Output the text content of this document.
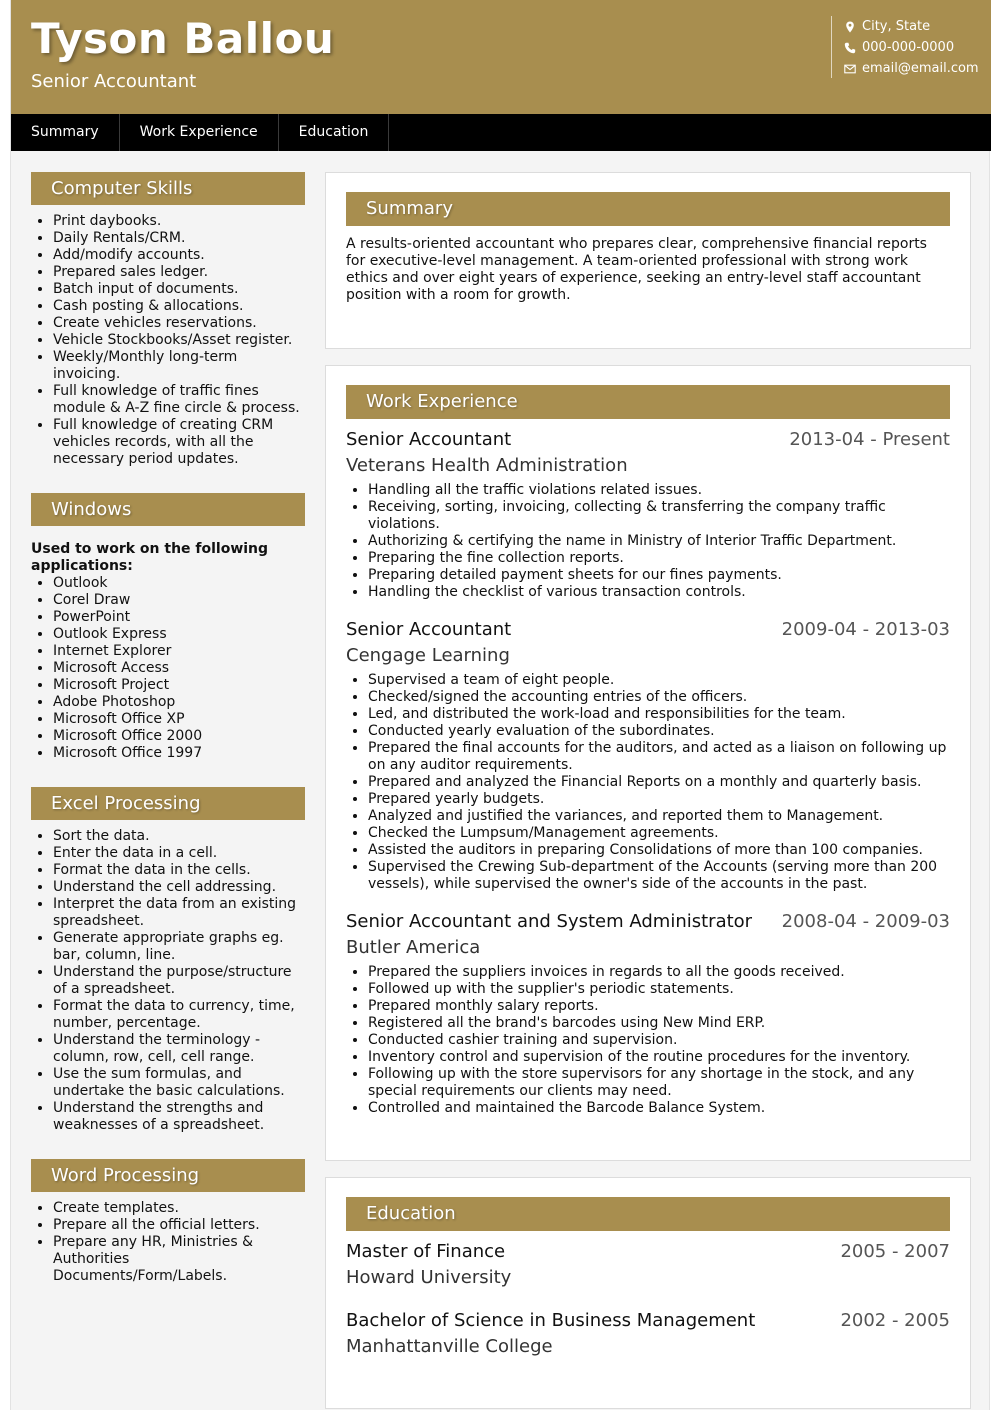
Tyson Ballou
Senior Accountant
City, State
000-000-0000
email@email.com
Summary	Work Experience	Education
Computer Skills
• Print daybooks.
• Daily Rentals/CRM.
• Add/modify accounts.
• Prepared sales ledger.
• Batch input of documents.
• Cash posting & allocations.
• Create vehicles reservations.
• Vehicle Stockbooks/Asset register.
• Weekly/Monthly long-term invoicing.
• Full knowledge of traffic fines module & A-Z fine circle & process.
• Full knowledge of creating CRM vehicles records, with all the necessary period updates.
Windows
Used to work on the following applications:
• Outlook
• Corel Draw
• PowerPoint
• Outlook Express
• Internet Explorer
• Microsoft Access
• Microsoft Project
• Adobe Photoshop
• Microsoft Office XP
• Microsoft Office 2000
• Microsoft Office 1997
Excel Processing
• Sort the data.
• Enter the data in a cell.
• Format the data in the cells.
• Understand the cell addressing.
• Interpret the data from an existing spreadsheet.
• Generate appropriate graphs eg. bar, column, line.
• Understand the purpose/structure of a spreadsheet.
• Format the data to currency, time, number, percentage.
• Understand the terminology - column, row, cell, cell range.
• Use the sum formulas, and undertake the basic calculations.
• Understand the strengths and weaknesses of a spreadsheet.
Word Processing
• Create templates.
• Prepare all the official letters.
• Prepare any HR, Ministries & Authorities Documents/Form/Labels.
Summary
A results-oriented accountant who prepares clear, comprehensive financial reports for executive-level management. A team-oriented professional with strong work ethics and over eight years of experience, seeking an entry-level staff accountant position with a room for growth.
Work Experience
Senior Accountant	2013-04 - Present
Veterans Health Administration
• Handling all the traffic violations related issues.
• Receiving, sorting, invoicing, collecting & transferring the company traffic violations.
• Authorizing & certifying the name in Ministry of Interior Traffic Department.
• Preparing the fine collection reports.
• Preparing detailed payment sheets for our fines payments.
• Handling the checklist of various transaction controls.
Senior Accountant	2009-04 - 2013-03
Cengage Learning
• Supervised a team of eight people.
• Checked/signed the accounting entries of the officers.
• Led, and distributed the work-load and responsibilities for the team.
• Conducted yearly evaluation of the subordinates.
• Prepared the final accounts for the auditors, and acted as a liaison on following up on any auditor requirements.
• Prepared and analyzed the Financial Reports on a monthly and quarterly basis.
• Prepared yearly budgets.
• Analyzed and justified the variances, and reported them to Management.
• Checked the Lumpsum/Management agreements.
• Assisted the auditors in preparing Consolidations of more than 100 companies.
• Supervised the Crewing Sub-department of the Accounts (serving more than 200 vessels), while supervised the owner's side of the accounts in the past.
Senior Accountant and System Administrator 2008-04 - 2009-03
Butler America
• Prepared the suppliers invoices in regards to all the goods received.
• Followed up with the supplier's periodic statements.
• Prepared monthly salary reports.
• Registered all the brand's barcodes using New Mind ERP.
• Conducted cashier training and supervision.
• Inventory control and supervision of the routine procedures for the inventory.
• Following up with the store supervisors for any shortage in the stock, and any special requirements our clients may need.
• Controlled and maintained the Barcode Balance System.
Education
Master of Finance	2005 - 2007
Howard University
Bachelor of Science in Business Management	2002 - 2005
Manhattanville College
